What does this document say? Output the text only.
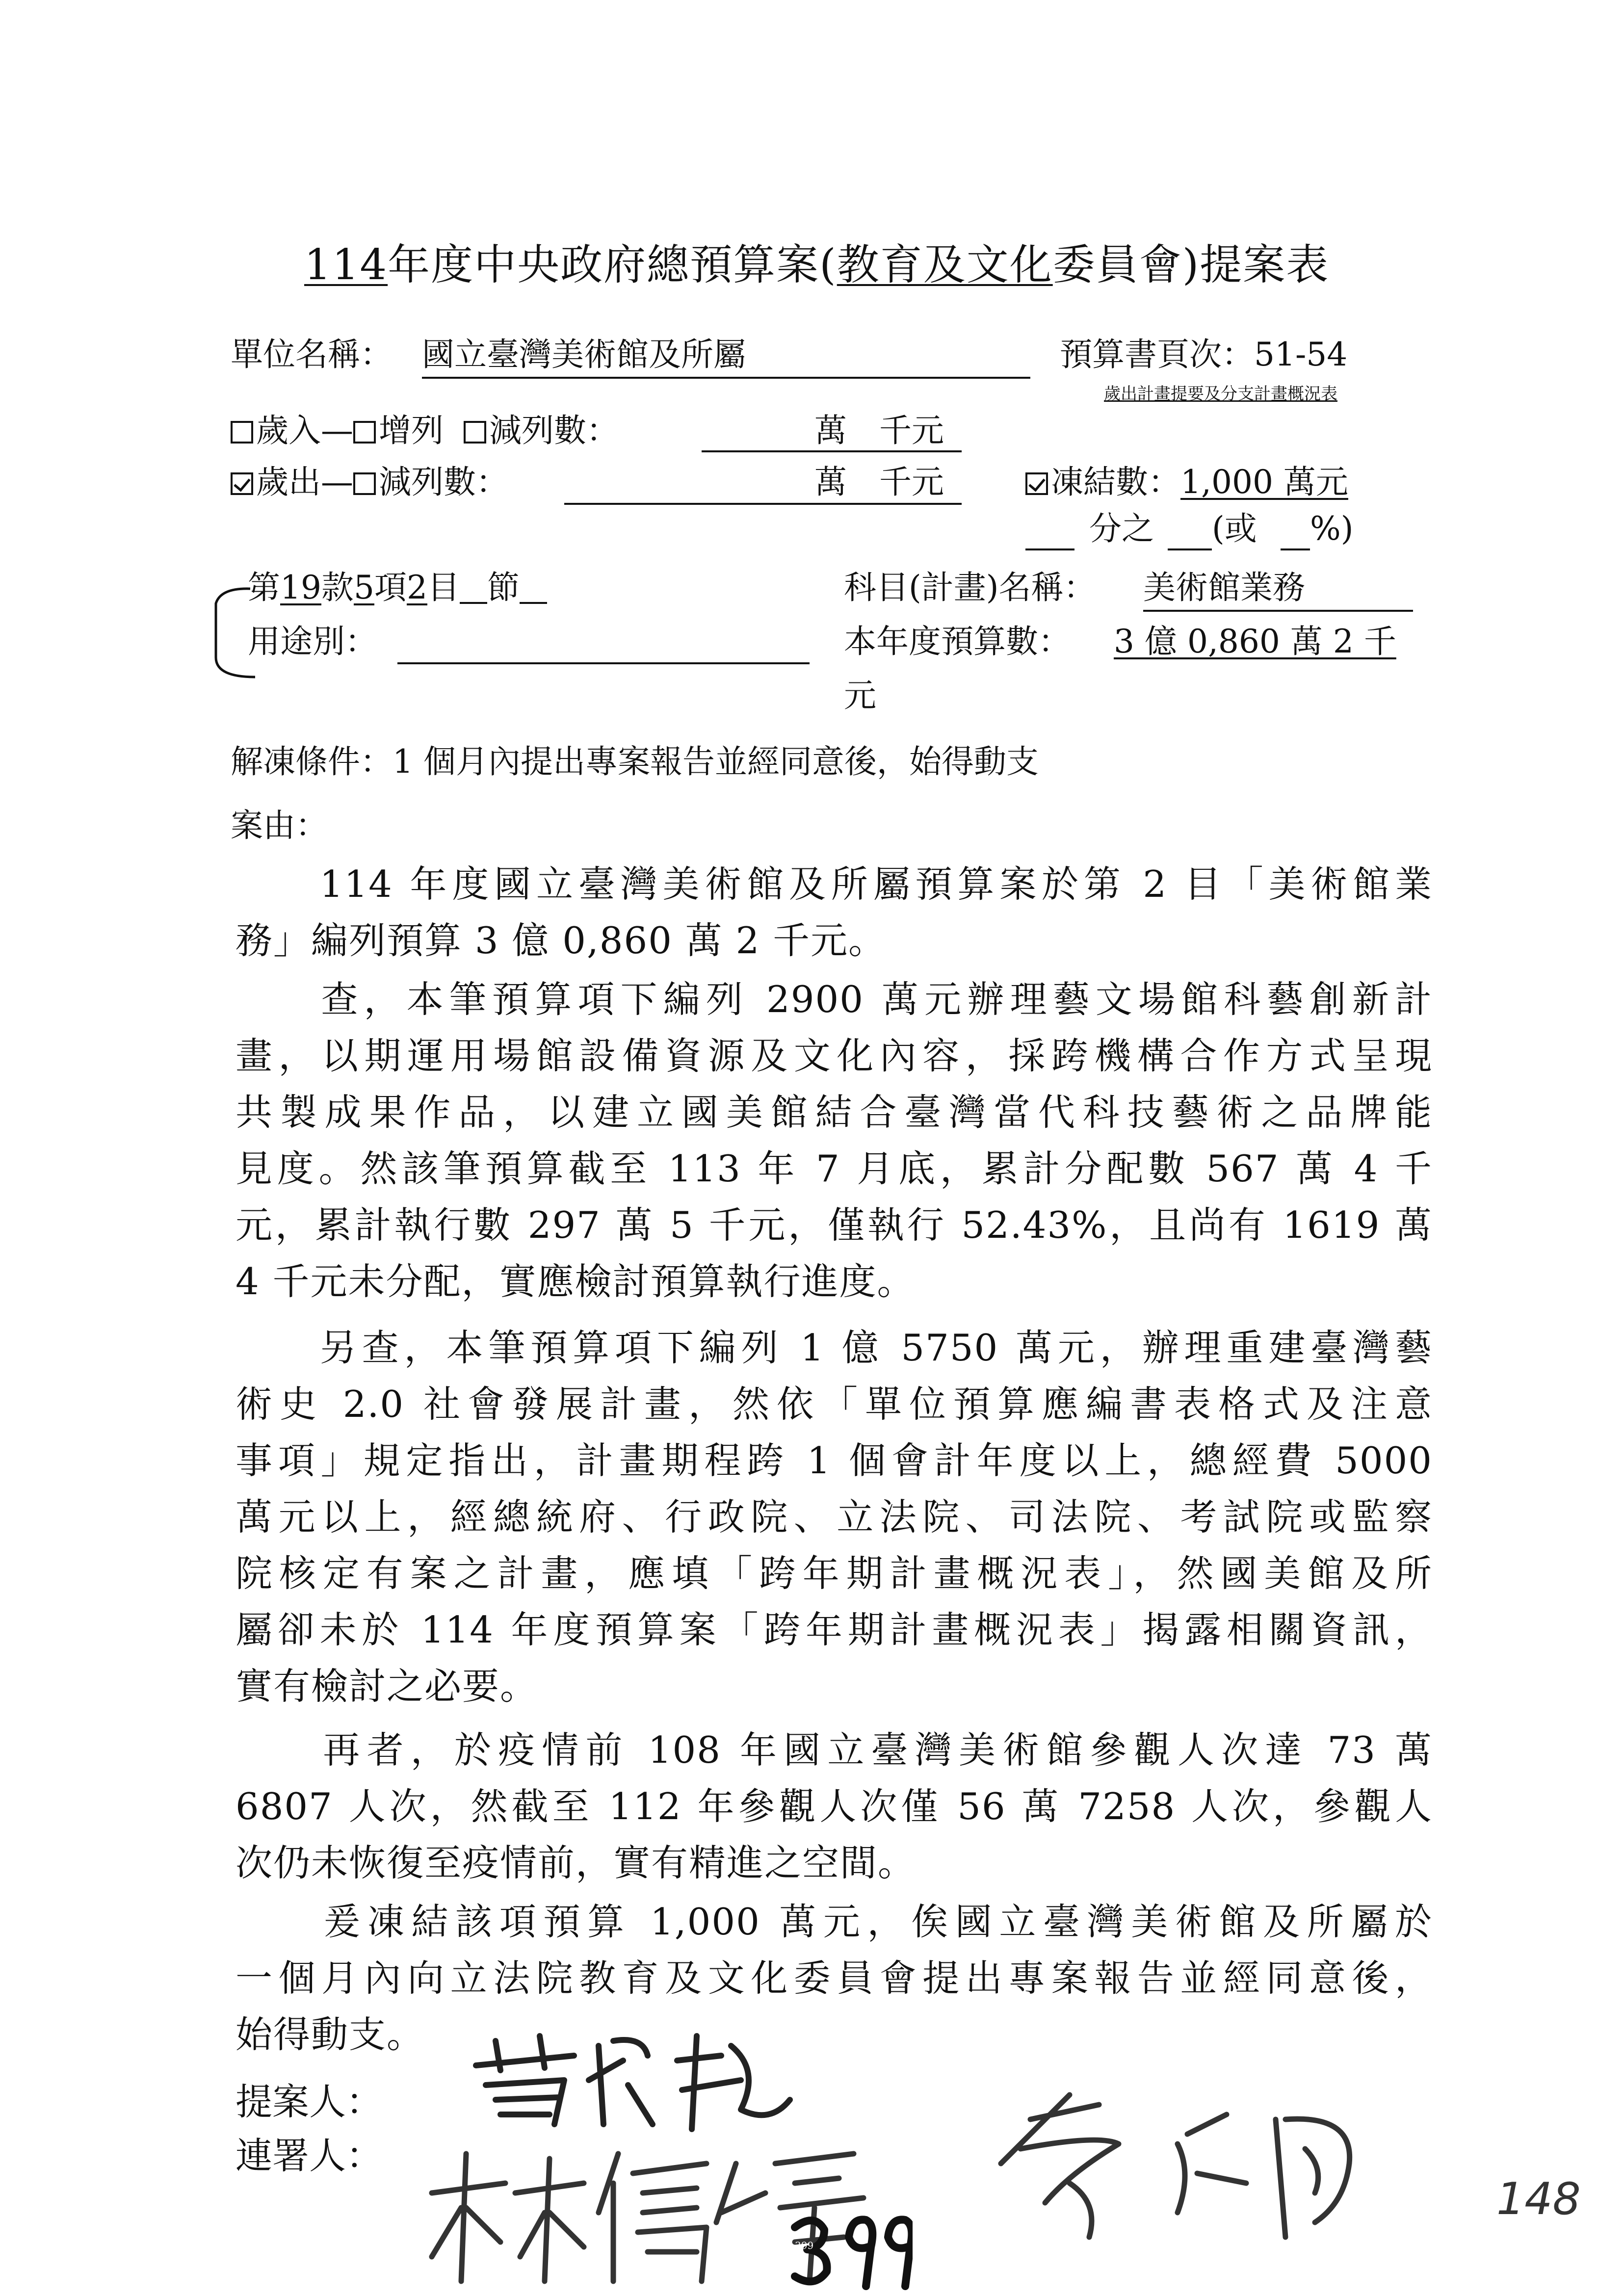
114年度中央政府總預算案(教育及文化委員會)提案表
單位名稱： 國立臺灣美術館及所屬	預算書頁次：51-54
歲出計畫提要及分支計畫概況表
歲入— 增列 減列數：	萬　千元
歲出— 減列數：	萬　千元	凍結數：1,000 萬元
分之 (或 %)
第19款5項2目 節	科目(計畫)名稱： 美術館業務
用途別：	本年度預算數： 3 億 0,860 萬 2 千
元
解凍條件：1 個月內提出專案報告並經同意後，始得動支
案由：

　　114 年度國立臺灣美術館及所屬預算案於第 2 目「美術館業

務」編列預算 3 億 0,860 萬 2 千元。

　　查，本筆預算項下編列 2900 萬元辦理藝文場館科藝創新計

畫，以期運用場館設備資源及文化內容，採跨機構合作方式呈現

共製成果作品，以建立國美館結合臺灣當代科技藝術之品牌能

見度。然該筆預算截至 113 年 7 月底，累計分配數 567 萬 4 千

元，累計執行數 297 萬 5 千元，僅執行 52.43%，且尚有 1619 萬

4 千元未分配，實應檢討預算執行進度。

　　另查，本筆預算項下編列 1 億 5750 萬元，辦理重建臺灣藝

術史 2.0 社會發展計畫，然依「單位預算應編書表格式及注意

事項」規定指出，計畫期程跨 1 個會計年度以上，總經費 5000

萬元以上，經總統府、行政院、立法院、司法院、考試院或監察

院核定有案之計畫，應填「跨年期計畫概況表」，然國美館及所

屬卻未於 114 年度預算案「跨年期計畫概況表」揭露相關資訊，

實有檢討之必要。

　　再者，於疫情前 108 年國立臺灣美術館參觀人次達 73 萬

6807 人次，然截至 112 年參觀人次僅 56 萬 7258 人次，參觀人

次仍未恢復至疫情前，實有精進之空間。

　　爰凍結該項預算 1,000 萬元，俟國立臺灣美術館及所屬於

一個月內向立法院教育及文化委員會提出專案報告並經同意後，

始得動支。

提案人：
連署人：
399
148
